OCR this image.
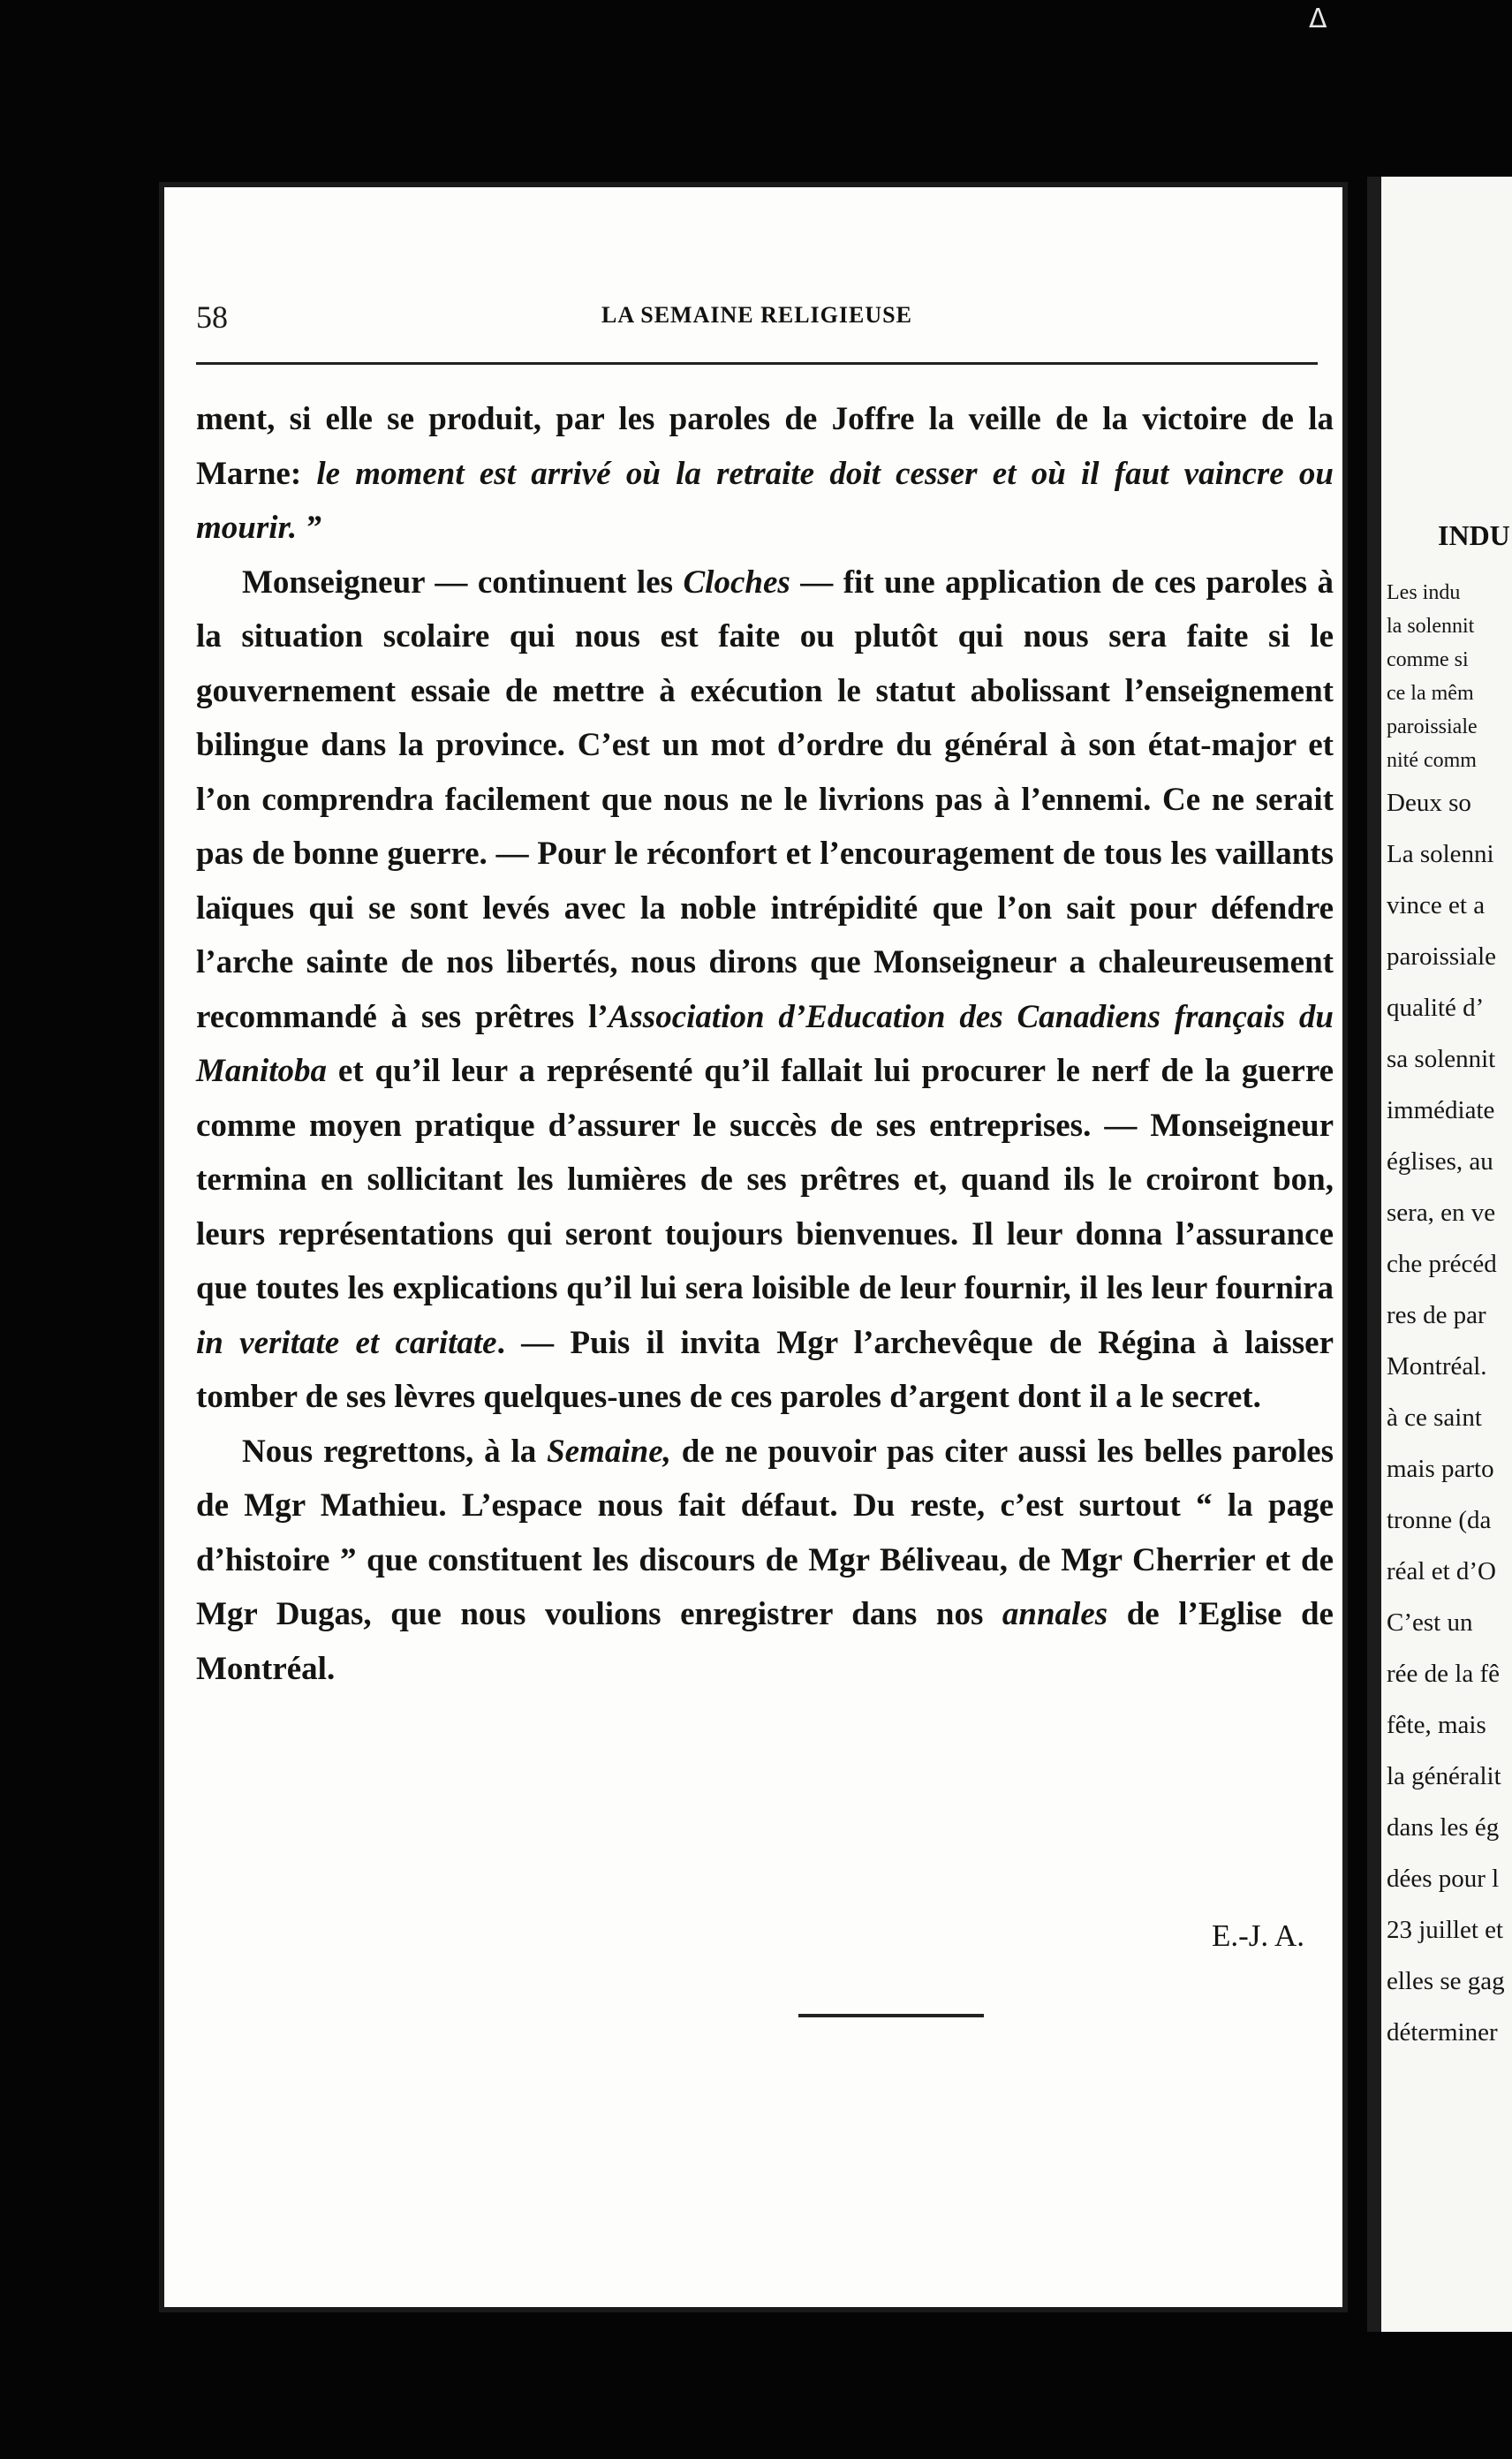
58	LA SEMAINE RELIGIEUSE

ment, si elle se produit, par les paroles de Joffre la veille de la victoire de la Marne: le moment est arrivé où la retraite doit cesser et où il faut vaincre ou mourir. ”

Monseigneur — continuent les Cloches — fit une application de ces paroles à la situation scolaire qui nous est faite ou plutôt qui nous sera faite si le gouvernement essaie de mettre à exécution le statut abolissant l’enseignement bilingue dans la province. C’est un mot d’ordre du général à son état-major et l’on comprendra facilement que nous ne le livrions pas à l’ennemi. Ce ne serait pas de bonne guerre. — Pour le réconfort et l’encouragement de tous les vaillants laïques qui se sont levés avec la noble intrépidité que l’on sait pour défendre l’arche sainte de nos libertés, nous dirons que Monseigneur a chaleureusement recommandé à ses prêtres l’Association d’Education des Canadiens français du Manitoba et qu’il leur a représenté qu’il fallait lui procurer le nerf de la guerre comme moyen pratique d’assurer le succès de ses entreprises. — Monseigneur termina en sollicitant les lumières de ses prêtres et, quand ils le croiront bon, leurs représentations qui seront toujours bienvenues. Il leur donna l’assurance que toutes les explications qu’il lui sera loisible de leur fournir, il les leur fournira in veritate et caritate. — Puis il invita Mgr l’archevêque de Régina à laisser tomber de ses lèvres quelques-unes de ces paroles d’argent dont il a le secret.

Nous regrettons, à la Semaine, de ne pouvoir pas citer aussi les belles paroles de Mgr Mathieu. L’espace nous fait défaut. Du reste, c’est surtout “ la page d’histoire ” que constituent les discours de Mgr Béliveau, de Mgr Cherrier et de Mgr Dugas, que nous voulions enregistrer dans nos annales de l’Eglise de Montréal.

E.-J. A.
INDU
Les indu
la solennit
comme si
ce la mêm
paroissiale
nité comm
Deux so
La solenni
vince et a
paroissiale
qualité d’
sa solennit
immédiate
églises, au
sera, en ve
che précéd
res de par
Montréal.
à ce saint
mais parto
tronne (da
réal et d’O
C’est un
rée de la fê
fête, mais
la généralit
dans les ég
dées pour l
23 juillet et
elles se gag
déterminer
ᐃ
